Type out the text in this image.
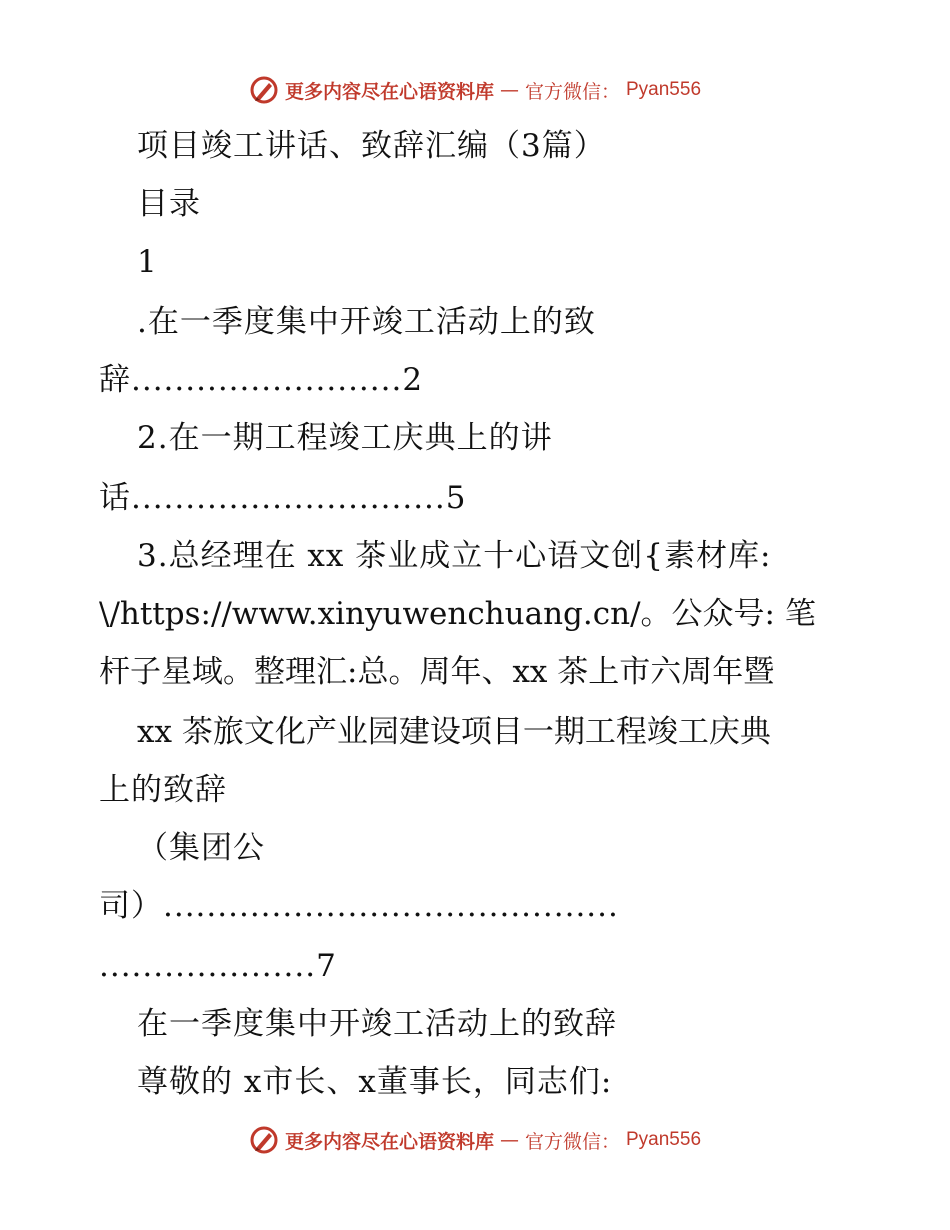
更多内容尽在心语资料库 — 官方微信： Pyan556
项目竣工讲话、致辞汇编（3篇）
目录
1
.在一季度集中开竣工活动上的致
辞.........................2
2.在一期工程竣工庆典上的讲
话.............................5
3.总经理在 xx 茶业成立十心语文创{素材库:
\/https://www.xinyuwenchuang.cn/。公众号: 笔
杆子星域。整理汇:总。周年、xx 茶上市六周年暨
xx 茶旅文化产业园建设项目一期工程竣工庆典
上的致辞
（集团公
司）..........................................
....................7
在一季度集中开竣工活动上的致辞
尊敬的 x市长、x董事长，同志们:
更多内容尽在心语资料库 — 官方微信： Pyan556
